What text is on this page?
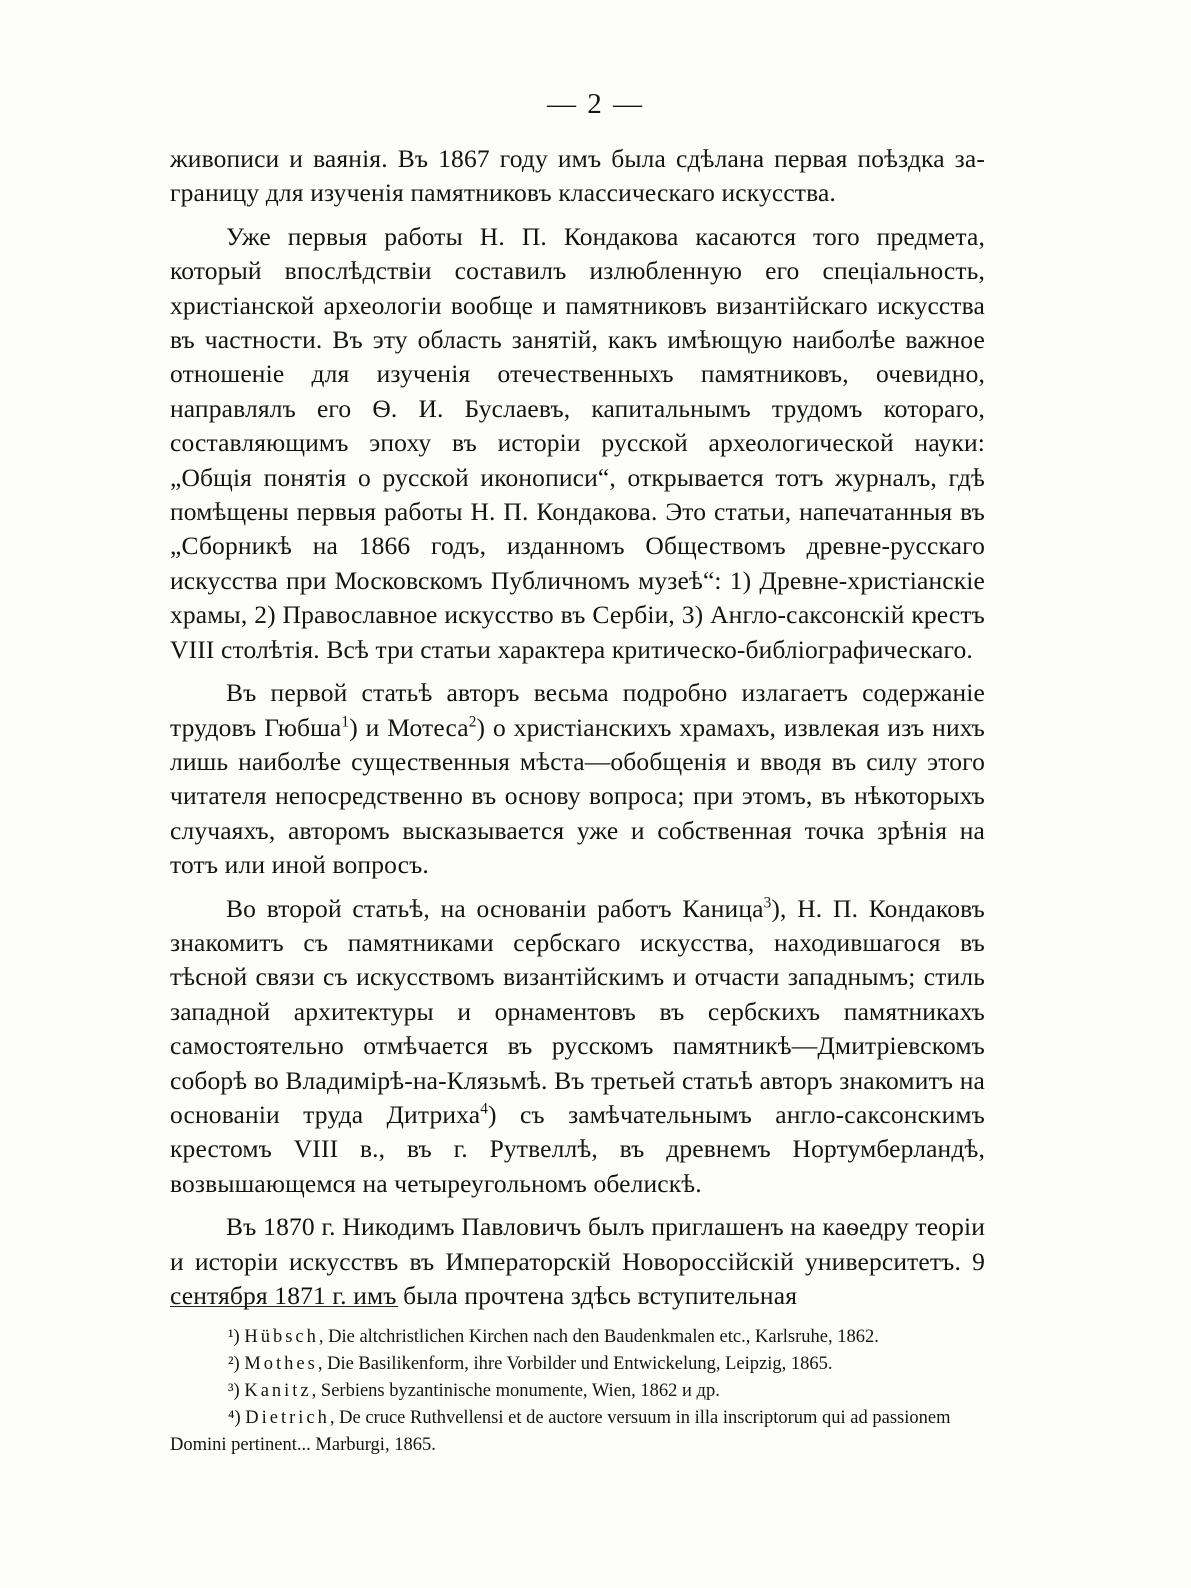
— 2 —

живописи и ваянія. Въ 1867 году имъ была сдѣлана первая поѣздка за-границу для изученія памятниковъ классическаго искусства.

Уже первыя работы Н. П. Кондакова касаются того предмета, который впослѣдствіи составилъ излюбленную его спеціальность, христіанской археологіи вообще и памятниковъ византійскаго искусства въ частности. Въ эту область занятій, какъ имѣющую наиболѣе важное отношеніе для изученія отечественныхъ памятниковъ, очевидно, направлялъ его Ѳ. И. Буслаевъ, капитальнымъ трудомъ котораго, составляющимъ эпоху въ исторіи русской археологической науки: „Общія понятія о русской иконописи“, открывается тотъ журналъ, гдѣ помѣщены первыя работы Н. П. Кондакова. Это статьи, напечатанныя въ „Сборникѣ на 1866 годъ, изданномъ Обществомъ древне-русскаго искусства при Московскомъ Публичномъ музеѣ“: 1) Древне-христіанскіе храмы, 2) Православное искусство въ Сербіи, 3) Англо-саксонскій крестъ VIII столѣтія. Всѣ три статьи характера критическо-библіографическаго.

Въ первой статьѣ авторъ весьма подробно излагаетъ содержаніе трудовъ Гюбша$^1$) и Мотеса$^2$) о христіанскихъ храмахъ, извлекая изъ нихъ лишь наиболѣе существенныя мѣста—обобщенія и вводя въ силу этого читателя непосредственно въ основу вопроса; при этомъ, въ нѣкоторыхъ случаяхъ, авторомъ высказывается уже и собственная точка зрѣнія на тотъ или иной вопросъ.

Во второй статьѣ, на основаніи работъ Каница$^3$), Н. П. Кондаковъ знакомитъ съ памятниками сербскаго искусства, находившагося въ тѣсной связи съ искусствомъ византійскимъ и отчасти западнымъ; стиль западной архитектуры и орнаментовъ въ сербскихъ памятникахъ самостоятельно отмѣчается въ русскомъ памятникѣ—Дмитріевскомъ соборѣ во Владимірѣ-на-Клязьмѣ. Въ третьей статьѣ авторъ знакомитъ на основаніи труда Дитриха$^4$) съ замѣчательнымъ англо-саксонскимъ крестомъ VIII в., въ г. Рутвеллѣ, въ древнемъ Нортумберландѣ, возвышающемся на четыреугольномъ обелискѣ.

Въ 1870 г. Никодимъ Павловичъ былъ приглашенъ на каѳедру теоріи и исторіи искусствъ въ Императорскій Новороссійскій университетъ. 9 сентября 1871 г. имъ была прочтена здѣсь вступительная

¹) Hübsch, Die altchristlichen Kirchen nach den Baudenkmalen etc., Karlsruhe, 1862.

²) Mothes, Die Basilikenform, ihre Vorbilder und Entwickelung, Leipzig, 1865.

³) Kanitz, Serbiens byzantinische monumente, Wien, 1862 и др.

⁴) Dietrich, De cruce Ruthvellensi et de auctore versuum in illa inscriptorum qui ad passionem Domini pertinent... Marburgi, 1865.
